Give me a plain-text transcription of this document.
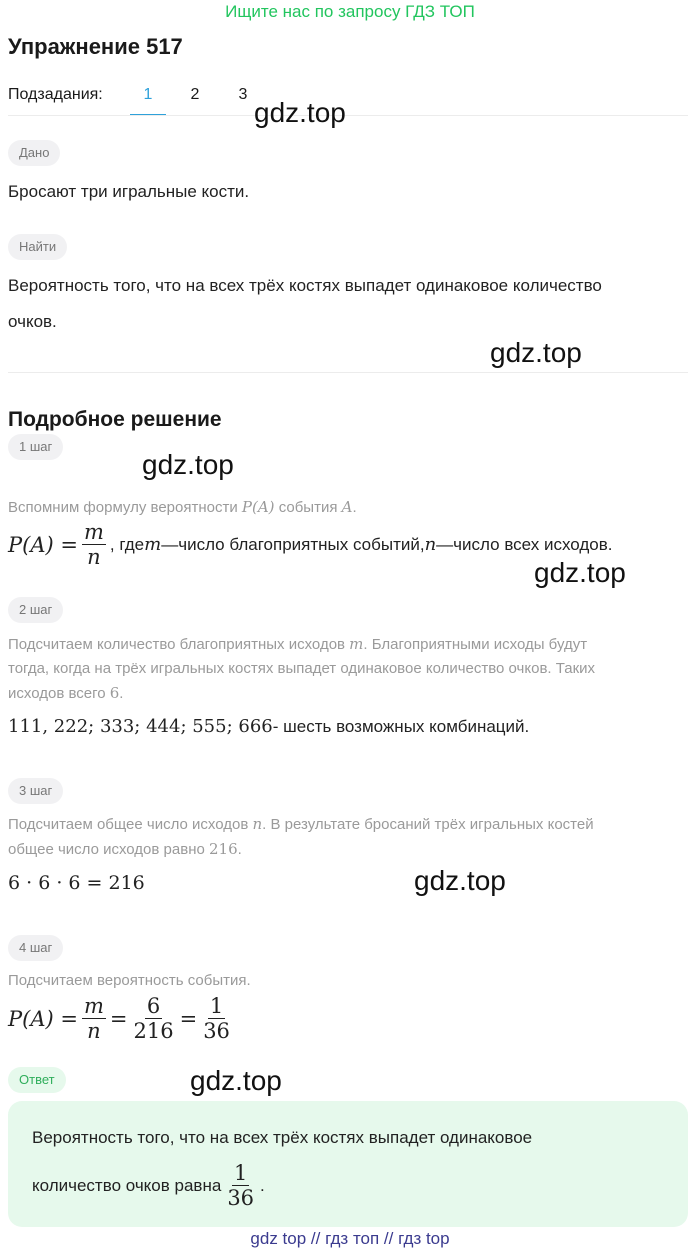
Ищите нас по запросу ГДЗ ТОП
Упражнение 517
Подзадания:	1	2	3
Дано
Бросают три игральные кости.
Найти
Вероятность того, что на всех трёх костях выпадет одинаковое количество
очков.
Подробное решение
1 шаг
Вспомним формулу вероятности P(A) события A.
$P(A) = \frac{m}{n}$ , где m —число благоприятных событий, n —число всех исходов.
2 шаг
Подсчитаем количество благоприятных исходов m. Благоприятными исходы будут
тогда, когда на трёх игральных костях выпадет одинаковое количество очков. Таких
исходов всего 6.
111, 222; 333; 444; 555; 666 - шесть возможных комбинаций.
3 шаг
Подсчитаем общее число исходов n. В результате бросаний трёх игральных костей
общее число исходов равно 216.
6 · 6 · 6 = 216
4 шаг
Подсчитаем вероятность события.
$P(A) = \frac{m}{n} = \frac{6}{216} = \frac{1}{36}$
Ответ
Вероятность того, что на всех трёх костях выпадет одинаковое
количество очков равна $\frac{1}{36}$ .
gdz.top
gdz.top
gdz.top
gdz.top
gdz.top
gdz.top
gdz top // гдз топ // гдз top
